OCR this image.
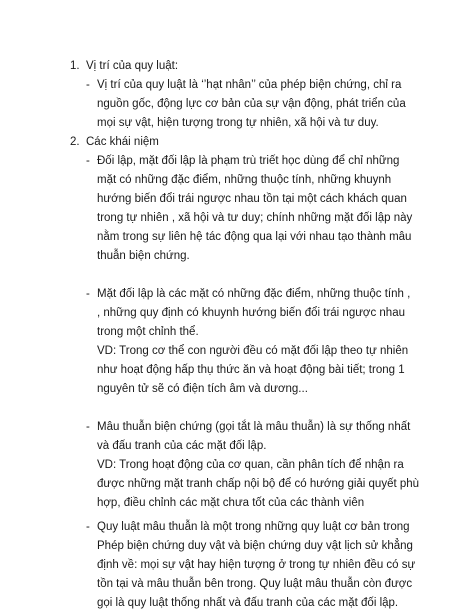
1. Vị trí của quy luật:
- Vị trí của quy luật là ‘’hạt nhân’’ của phép biện chứng, chỉ ra
nguồn gốc, động lực cơ bản của sự vận động, phát triển của
mọi sự vật, hiện tượng trong tự nhiên, xã hội và tư duy.
2. Các khái niệm
- Đối lập, mặt đối lập là phạm trù triết học dùng để chỉ những
mặt có những đặc điểm, những thuộc tính, những khuynh
hướng biến đổi trái ngược nhau tồn tại một cách khách quan
trong tự nhiên , xã hội và tư duy; chính những mặt đối lập này
nằm trong sự liên hệ tác động qua lại với nhau tạo thành mâu
thuẫn biện chứng.
- Mặt đối lập là các mặt có những đặc điểm, những thuộc tính ,
, những quy định có khuynh hướng biến đổi trái ngược nhau
trong một chỉnh thể.
VD: Trong cơ thể con người đều có mặt đối lập theo tự nhiên
như hoạt động hấp thụ thức ăn và hoạt động bài tiết; trong 1
nguyên tử sẽ có điện tích âm và dương...
- Mâu thuẫn biện chứng (gọi tắt là mâu thuẫn) là sự thống nhất
và đấu tranh của các mặt đối lập.
VD: Trong hoạt động của cơ quan, cần phân tích để nhận ra
được những mặt tranh chấp nội bộ để có hướng giải quyết phù
hợp, điều chỉnh các mặt chưa tốt của các thành viên
- Quy luật mâu thuẫn là một trong những quy luật cơ bản trong
Phép biện chứng duy vật và biện chứng duy vật lịch sử khẳng
định về: mọi sự vật hay hiện tượng ở trong tự nhiên đều có sự
tồn tại và mâu thuẫn bên trong. Quy luật mâu thuẫn còn được
gọi là quy luật thống nhất và đấu tranh của các mặt đối lập.
